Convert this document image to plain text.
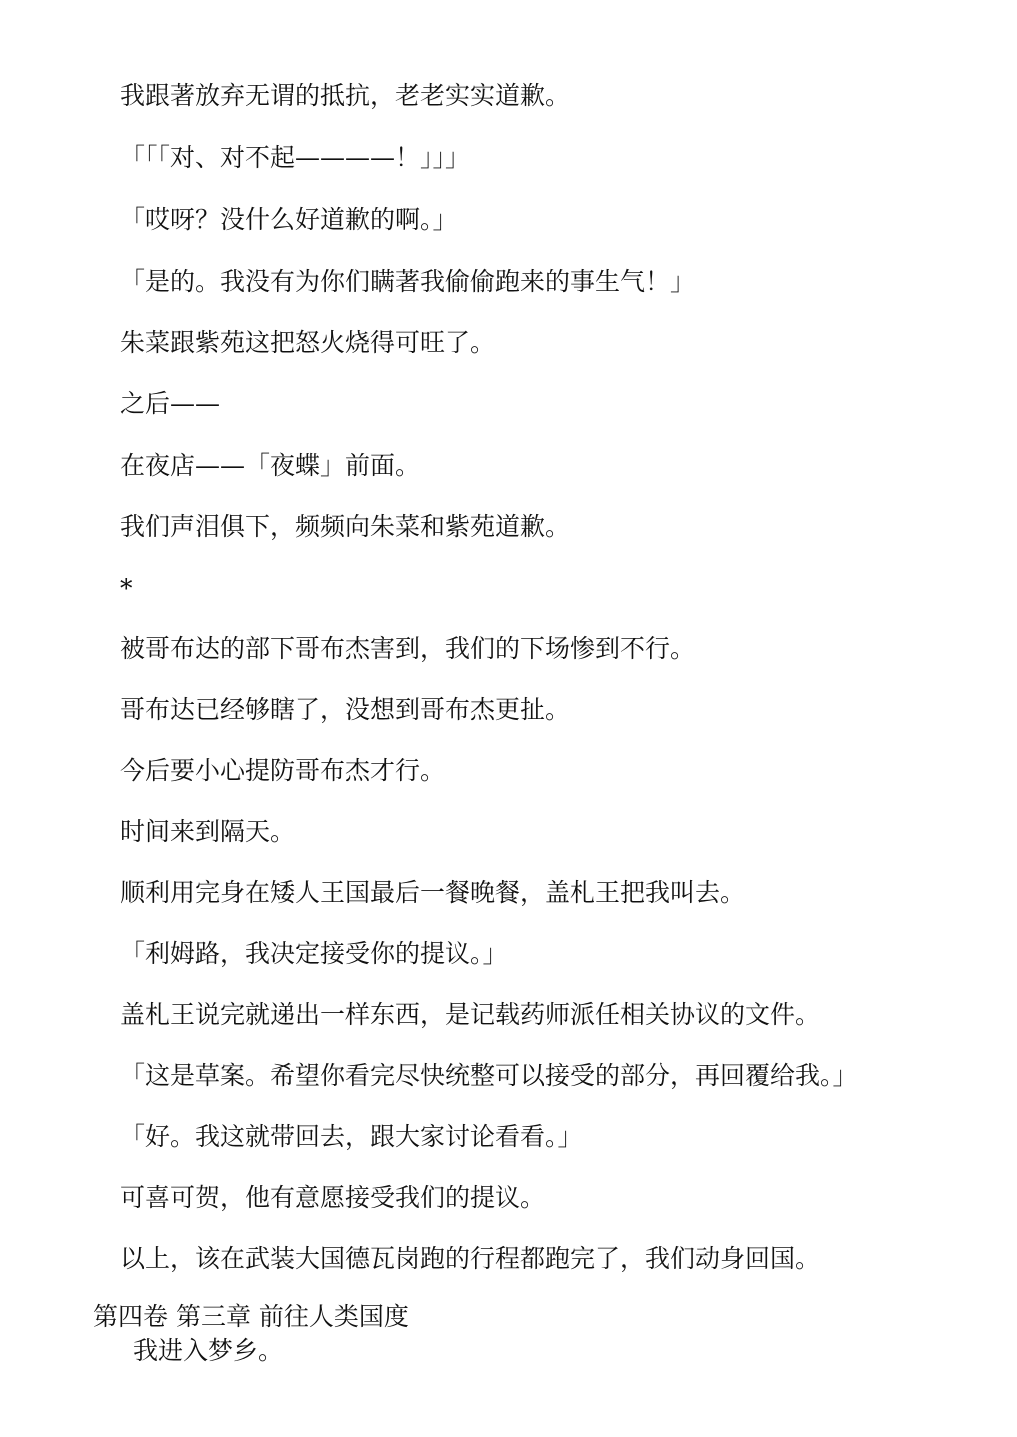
我跟著放弃无谓的抵抗，老老实实道歉。

「「「对、对不起————！」」」

「哎呀？没什么好道歉的啊。」

「是的。我没有为你们瞒著我偷偷跑来的事生气！」

朱菜跟紫苑这把怒火烧得可旺了。

之后——

在夜店——「夜蝶」前面。

我们声泪俱下，频频向朱菜和紫苑道歉。

*

被哥布达的部下哥布杰害到，我们的下场惨到不行。

哥布达已经够瞎了，没想到哥布杰更扯。

今后要小心提防哥布杰才行。

时间来到隔天。

顺利用完身在矮人王国最后一餐晚餐，盖札王把我叫去。

「利姆路，我决定接受你的提议。」

盖札王说完就递出一样东西，是记载药师派任相关协议的文件。

「这是草案。希望你看完尽快统整可以接受的部分，再回覆给我。」

「好。我这就带回去，跟大家讨论看看。」

可喜可贺，他有意愿接受我们的提议。

以上，该在武装大国德瓦岗跑的行程都跑完了，我们动身回国。

第四卷 第三章 前往人类国度

我进入梦乡。
